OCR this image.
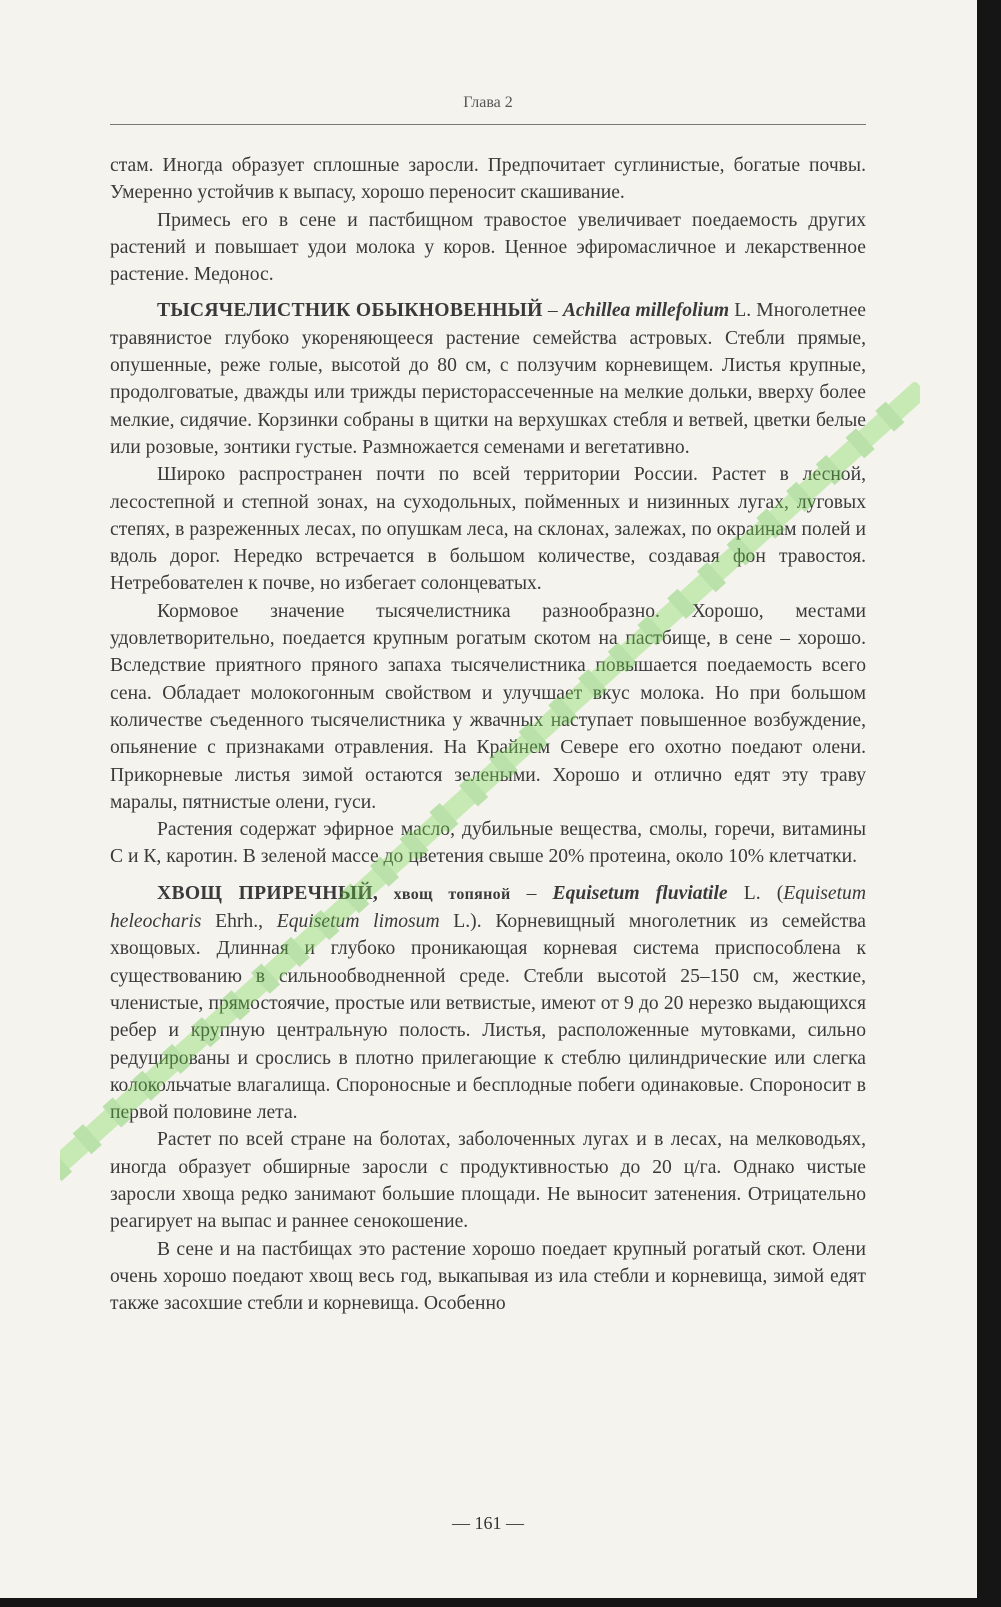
Глава 2

стам. Иногда образует сплошные заросли. Предпочитает суглинистые, богатые почвы. Умеренно устойчив к выпасу, хорошо переносит скашивание.

Примесь его в сене и пастбищном травостое увеличивает поедаемость других растений и повышает удои молока у коров. Ценное эфиромасличное и лекарственное растение. Медонос.

ТЫСЯЧЕЛИСТНИК ОБЫКНОВЕННЫЙ – Achillea millefolium L. Многолетнее травянистое глубоко укореняющееся растение семейства астровых. Стебли прямые, опушенные, реже голые, высотой до 80 см, с ползучим корневищем. Листья крупные, продолговатые, дважды или трижды перисторассеченные на мелкие дольки, вверху более мелкие, сидячие. Корзинки собраны в щитки на верхушках стебля и ветвей, цветки белые или розовые, зонтики густые. Размножается семенами и вегетативно.

Широко распространен почти по всей территории России. Растет в лесной, лесостепной и степной зонах, на суходольных, пойменных и низинных лугах, луговых степях, в разреженных лесах, по опушкам леса, на склонах, залежах, по окраинам полей и вдоль дорог. Нередко встречается в большом количестве, создавая фон травостоя. Нетребователен к почве, но избегает солонцеватых.

Кормовое значение тысячелистника разнообразно. Хорошо, местами удовлетворительно, поедается крупным рогатым скотом на пастбище, в сене – хорошо. Вследствие приятного пряного запаха тысячелистника повышается поедаемость всего сена. Обладает молокогонным свойством и улучшает вкус молока. Но при большом количестве съеденного тысячелистника у жвачных наступает повышенное возбуждение, опьянение с признаками отравления. На Крайнем Севере его охотно поедают олени. Прикорневые листья зимой остаются зелеными. Хорошо и отлично едят эту траву маралы, пятнистые олени, гуси.

Растения содержат эфирное масло, дубильные вещества, смолы, горечи, витамины С и К, каротин. В зеленой массе до цветения свыше 20% протеина, около 10% клетчатки.

ХВОЩ ПРИРЕЧНЫЙ, хвощ топяной – Equisetum fluviatile L. (Equisetum heleocharis Ehrh., Equisetum limosum L.). Корневищный многолетник из семейства хвощовых. Длинная и глубоко проникающая корневая система приспособлена к существованию в сильнообводненной среде. Стебли высотой 25–150 см, жесткие, членистые, прямостоячие, простые или ветвистые, имеют от 9 до 20 нерезко выдающихся ребер и крупную центральную полость. Листья, расположенные мутовками, сильно редуцированы и срослись в плотно прилегающие к стеблю цилиндрические или слегка колокольчатые влагалища. Спороносные и бесплодные побеги одинаковые. Спороносит в первой половине лета.

Растет по всей стране на болотах, заболоченных лугах и в лесах, на мелководьях, иногда образует обширные заросли с продуктивностью до 20 ц/га. Однако чистые заросли хвоща редко занимают большие площади. Не выносит затенения. Отрицательно реагирует на выпас и раннее сенокошение.

В сене и на пастбищах это растение хорошо поедает крупный рогатый скот. Олени очень хорошо поедают хвощ весь год, выкапывая из ила стебли и корневища, зимой едят также засохшие стебли и корневища. Особенно

— 161 —
